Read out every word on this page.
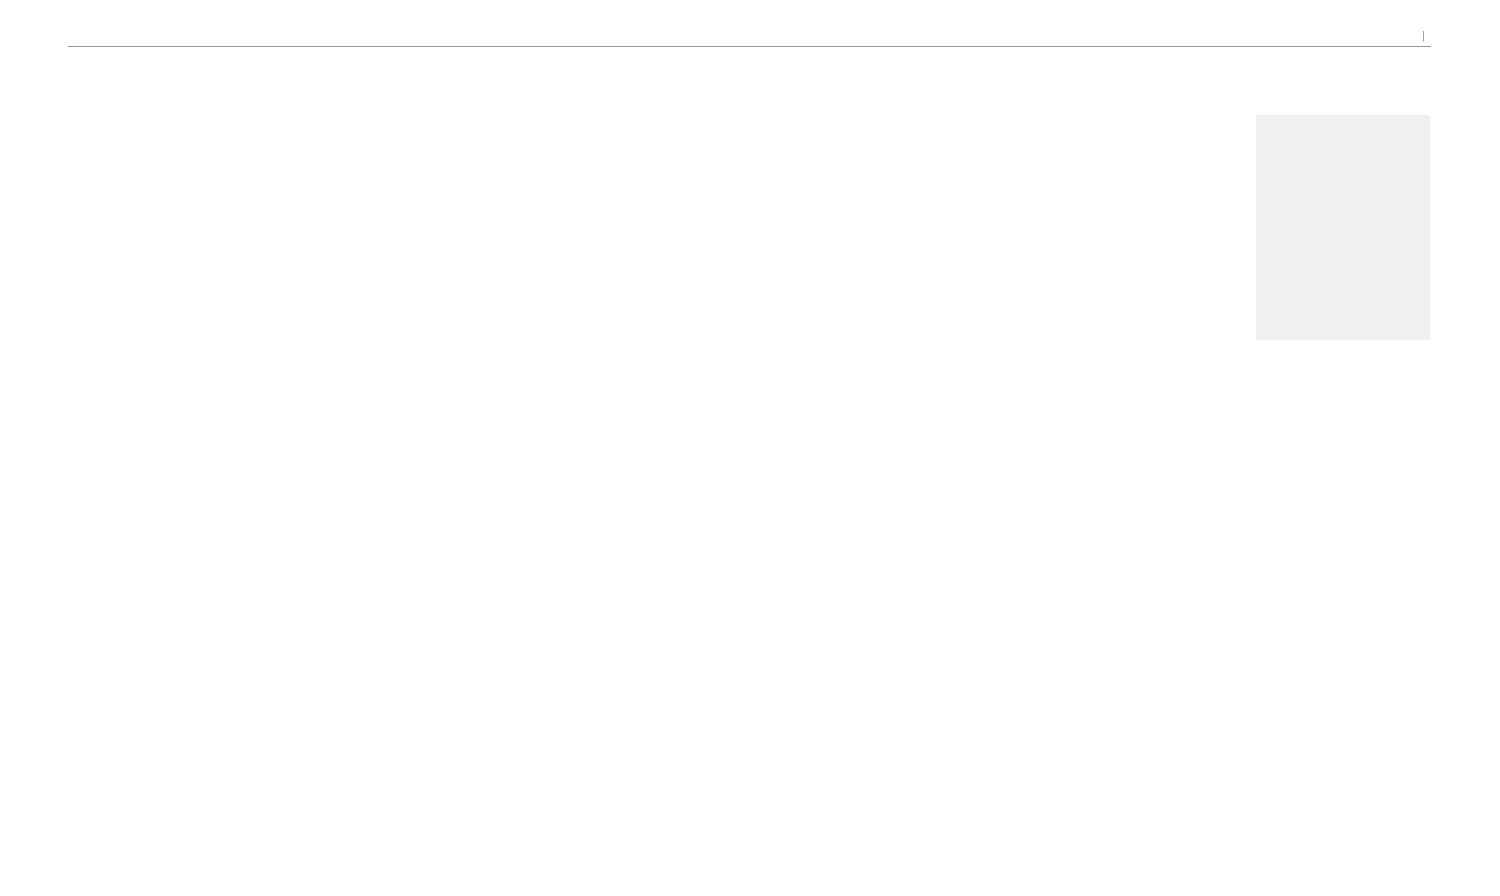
|
